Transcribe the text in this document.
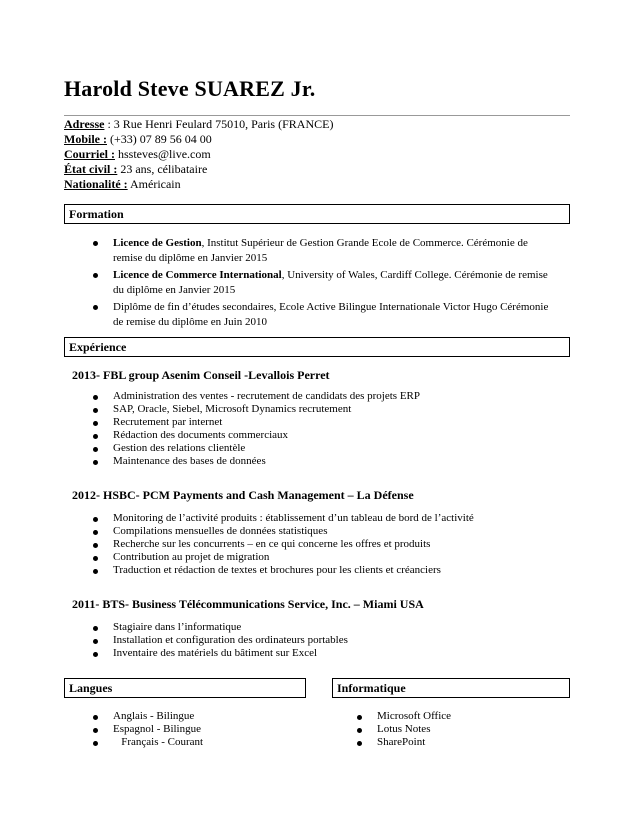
Harold Steve SUAREZ Jr.
Adresse : 3 Rue Henri Feulard 75010, Paris (FRANCE)
Mobile : (+33) 07 89 56 04 00
Courriel : hssteves@live.com
État civil : 23 ans, célibataire
Nationalité : Américain
Formation
Licence de Gestion, Institut Supérieur de Gestion Grande Ecole de Commerce. Cérémonie de remise du diplôme en Janvier 2015
Licence de Commerce International, University of Wales, Cardiff College. Cérémonie de remise du diplôme en Janvier 2015
Diplôme de fin d’études secondaires, Ecole Active Bilingue Internationale Victor Hugo Cérémonie de remise du diplôme en Juin 2010
Expérience

2013- FBL group Asenim Conseil -Levallois Perret

Administration des ventes - recrutement de candidats des projets ERP
SAP, Oracle, Siebel, Microsoft Dynamics recrutement
Recrutement par internet
Rédaction des documents commerciaux
Gestion des relations clientèle
Maintenance des bases de données

2012- HSBC- PCM Payments and Cash Management – La Défense

Monitoring de l’activité produits : établissement d’un tableau de bord de l’activité
Compilations mensuelles de données statistiques
Recherche sur les concurrents – en ce qui concerne les offres et produits
Contribution au projet de migration
Traduction et rédaction de textes et brochures pour les clients et créanciers

2011- BTS- Business Télécommunications Service, Inc. – Miami USA

Stagiaire dans l’informatique
Installation et configuration des ordinateurs portables
Inventaire des matériels du bâtiment sur Excel
Langues	Informatique
Anglais - Bilingue
Espagnol - Bilingue
Français - Courant
Microsoft Office
Lotus Notes
SharePoint
